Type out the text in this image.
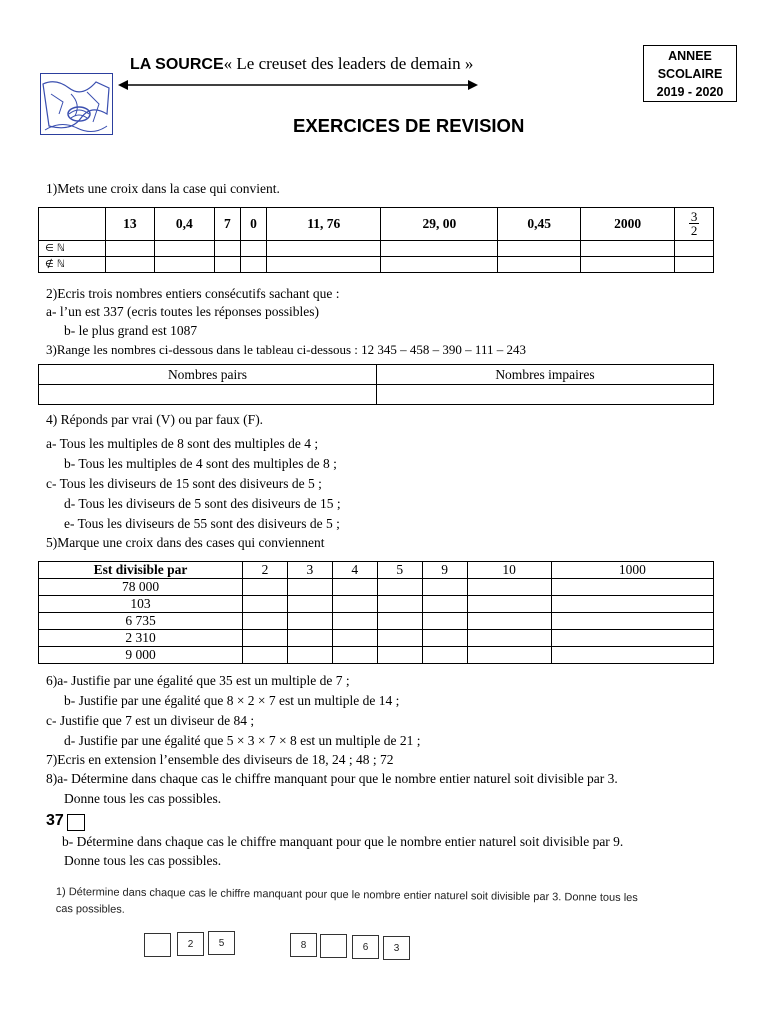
LA SOURCE« Le creuset des leaders de demain »	ANNEE
SCOLAIRE
2019 - 2020
EXERCICES DE REVISION
1)Mets une croix dans la case qui convient.
	13	0,4	7	0	11, 76	29, 00	0,45	2000	$\frac{3}{2}$

∈ ℕ									
∉ ℕ									
2)Ecris trois nombres entiers consécutifs sachant que :
a- l’un est 337 (ecris toutes les réponses possibles)
b- le plus grand est 1087
3)Range les nombres ci-dessous dans le tableau ci-dessous : 12 345 – 458 – 390 – 111 – 243
Nombres pairs	Nombres impaires

4) Réponds par vrai (V) ou par faux (F).
a- Tous les multiples de 8 sont des multiples de 4 ;
b- Tous les multiples de 4 sont des multiples de 8 ;
c- Tous les diviseurs de 15 sont des disiveurs de 5 ;
d- Tous les diviseurs de 5 sont des disiveurs de 15 ;
e- Tous les diviseurs de 55 sont des disiveurs de 5 ;
5)Marque une croix dans des cases qui conviennent
Est divisible par	2	3	4	5	9	10	1000
78 000							
103							
6 735							
2 310							
9 000							
6)a- Justifie par une égalité que 35 est un multiple de 7 ;
b- Justifie par une égalité que 8 × 2 × 7 est un multiple de 14 ;
c- Justifie que 7 est un diviseur de 84 ;
d- Justifie par une égalité que 5 × 3 × 7 × 8 est un multiple de 21 ;
7)Ecris en extension l’ensemble des diviseurs de 18, 24 ; 48 ; 72
8)a- Détermine dans chaque cas le chiffre manquant pour que le nombre entier naturel soit divisible par 3.
Donne tous les cas possibles.
37
b- Détermine dans chaque cas le chiffre manquant pour que le nombre entier naturel soit divisible par 9.
Donne tous les cas possibles.
1) Détermine dans chaque cas le chiffre manquant pour que le nombre entier naturel soit divisible par 3. Donne tous les cas possibles.
2	5	8	6	3
